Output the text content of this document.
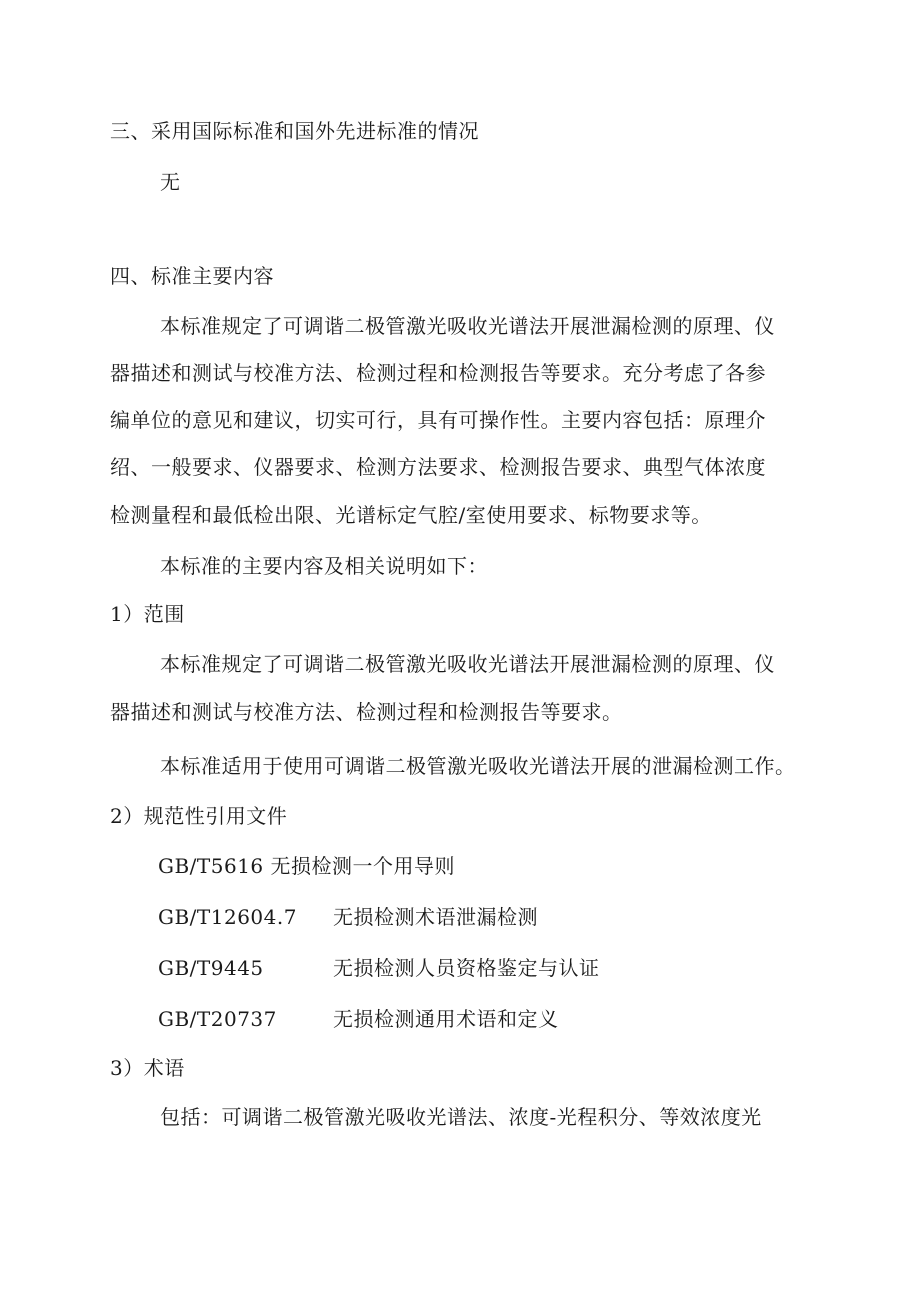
三、采用国际标准和国外先进标准的情况
无
四、标准主要内容
本标准规定了可调谐二极管激光吸收光谱法开展泄漏检测的原理、仪
器描述和测试与校准方法、检测过程和检测报告等要求。充分考虑了各参
编单位的意见和建议，切实可行，具有可操作性。主要内容包括：原理介
绍、一般要求、仪器要求、检测方法要求、检测报告要求、典型气体浓度
检测量程和最低检出限、光谱标定气腔/室使用要求、标物要求等。
本标准的主要内容及相关说明如下：
1）范围
本标准规定了可调谐二极管激光吸收光谱法开展泄漏检测的原理、仪
器描述和测试与校准方法、检测过程和检测报告等要求。
本标准适用于使用可调谐二极管激光吸收光谱法开展的泄漏检测工作。
2）规范性引用文件
GB/T5616 无损检测一个用导则
GB/T12604.7 无损检测术语泄漏检测
GB/T9445	无损检测人员资格鉴定与认证
GB/T20737	无损检测通用术语和定义
3）术语
包括：可调谐二极管激光吸收光谱法、浓度-光程积分、等效浓度光
